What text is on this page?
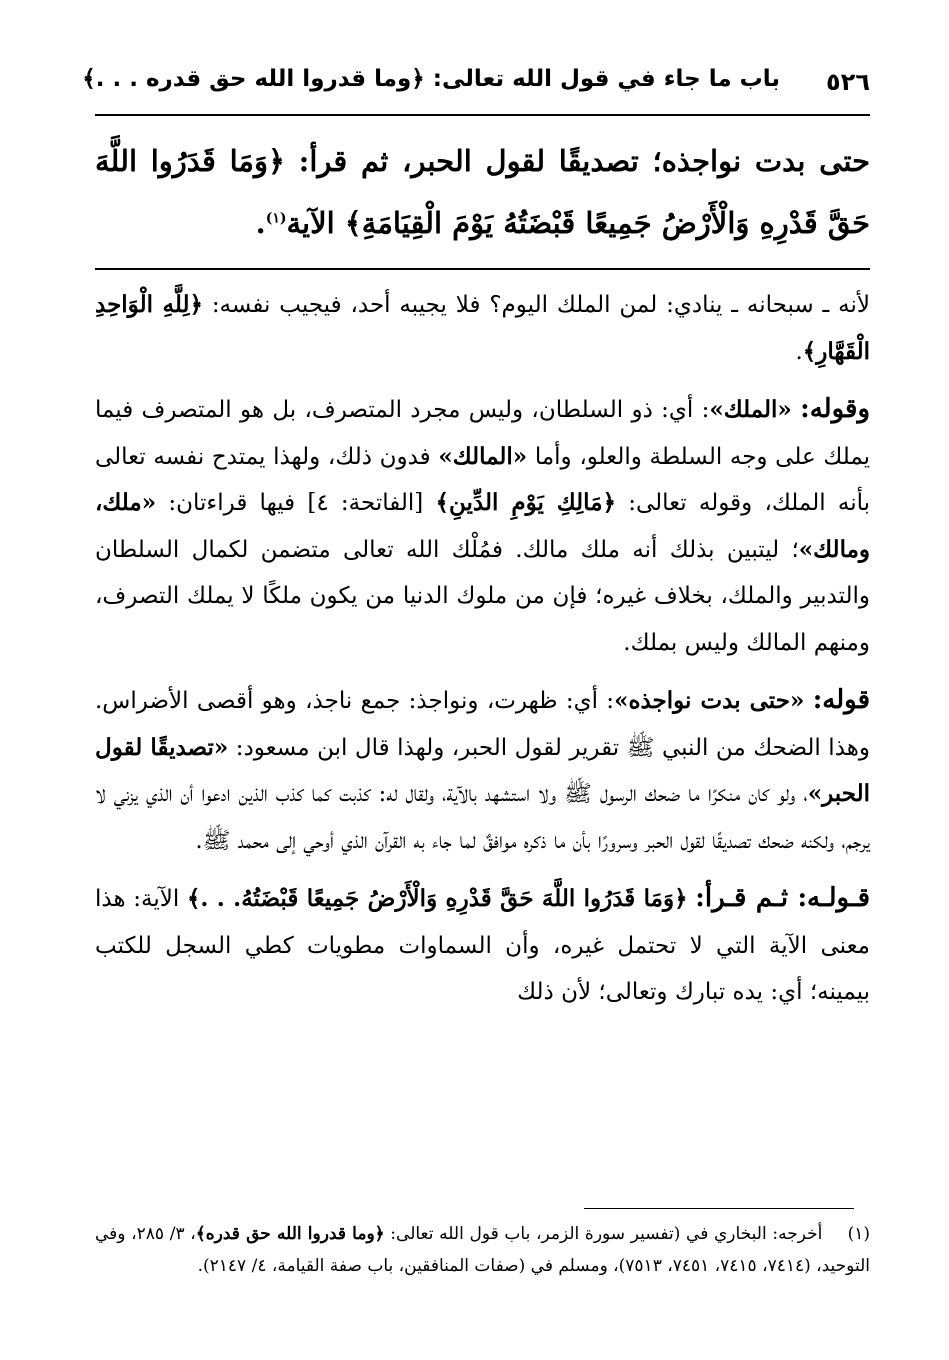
٥٢٦
باب ما جاء في قول الله تعالى: ﴿وما قدروا الله حق قدره . . .﴾
حتى بدت نواجذه؛ تصديقًا لقول الحبر، ثم قرأ: ﴿وَمَا قَدَرُوا اللَّهَ حَقَّ قَدْرِهِ وَالْأَرْضُ جَمِيعًا قَبْضَتُهُ يَوْمَ الْقِيَامَةِ﴾ الآية$^{(١)}$.

لأنه ـ سبحانه ـ ينادي: لمن الملك اليوم؟ فلا يجيبه أحد، فيجيب نفسه: ﴿لِلَّهِ الْوَاحِدِ الْقَهَّارِ﴾.

وقوله: «الملك»: أي: ذو السلطان، وليس مجرد المتصرف، بل هو المتصرف فيما يملك على وجه السلطة والعلو، وأما «المالك» فدون ذلك، ولهذا يمتدح نفسه تعالى بأنه الملك، وقوله تعالى: ﴿مَالِكِ يَوْمِ الدِّينِ﴾ [الفاتحة: ٤] فيها قراءتان: «ملك، ومالك»؛ ليتبين بذلك أنه ملك مالك. فمُلْك الله تعالى متضمن لكمال السلطان والتدبير والملك، بخلاف غيره؛ فإن من ملوك الدنيا من يكون ملكًا لا يملك التصرف، ومنهم المالك وليس بملك.

قوله: «حتى بدت نواجذه»: أي: ظهرت، ونواجذ: جمع ناجذ، وهو أقصى الأضراس. وهذا الضحك من النبي ﷺ تقرير لقول الحبر، ولهذا قال ابن مسعود: «تصديقًا لقول الحبر»، ولو كان منكرًا ما ضحك الرسول ﷺ ولا استشهد بالآية، ولقال له: كذبت كما كذب الذين ادعوا أن الذي يزني لا يرجم، ولكنه ضحك تصديقًا لقول الحبر وسرورًا بأن ما ذكره موافقٌ لما جاء به القرآن الذي أوحي إلى محمد ﷺ.

قـولـه: ثـم قـرأ: ﴿وَمَا قَدَرُوا اللَّهَ حَقَّ قَدْرِهِ وَالْأَرْضُ جَمِيعًا قَبْضَتُهُ. . .﴾ الآية: هذا معنى الآية التي لا تحتمل غيره، وأن السماوات مطويات كطي السجل للكتب بيمينه؛ أي: يده تبارك وتعالى؛ لأن ذلك

(١) أخرجه: البخاري في (تفسير سورة الزمر، باب قول الله تعالى: ﴿وما قدروا الله حق قدره﴾، ٣/ ٢٨٥، وفي التوحيد، (٧٤١٤، ٧٤١٥، ٧٤٥١، ٧٥١٣)، ومسلم في (صفات المنافقين، باب صفة القيامة، ٤/ ٢١٤٧).
